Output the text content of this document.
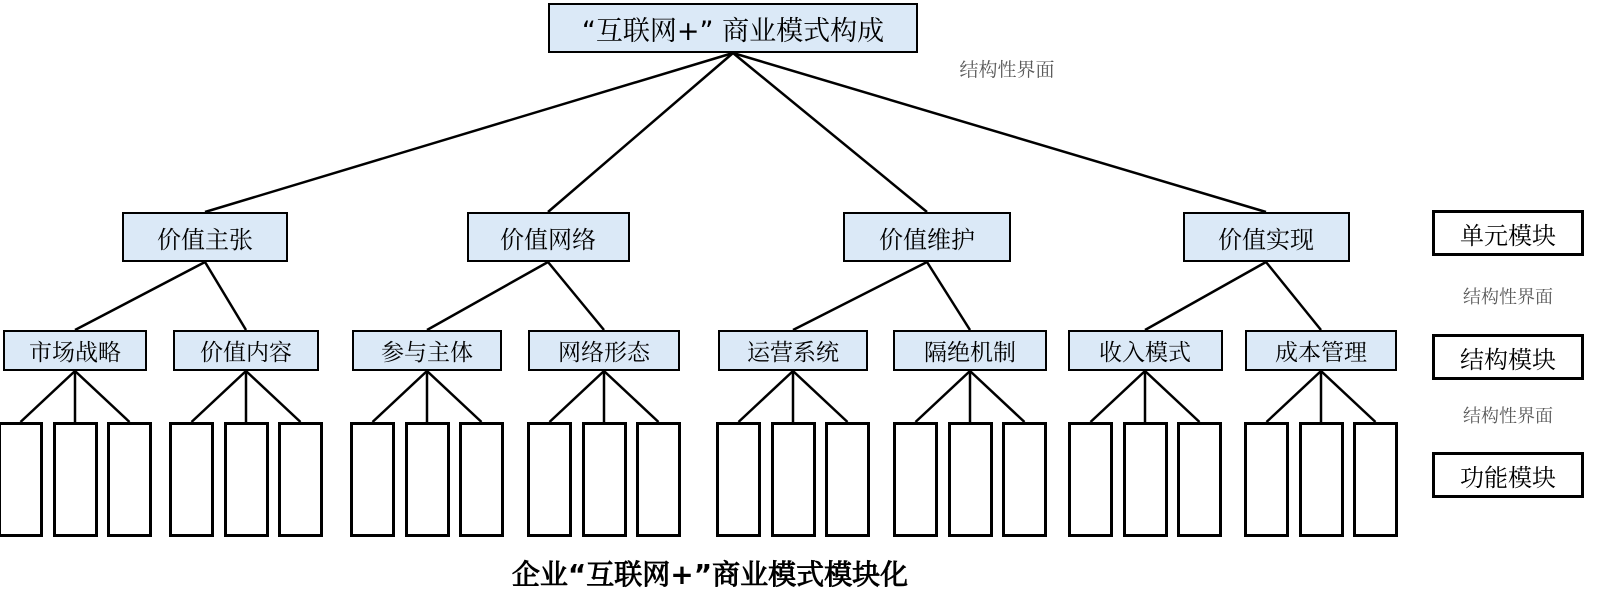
“互联网+” 商业模式构成
价值主张
市场战略	价值内容
价值网络
参与主体	网络形态
价值维护
运营系统	隔绝机制
价值实现
收入模式	成本管理
结构性界面
单元模块
结构性界面
结构模块
结构性界面
功能模块
企业“互联网+”商业模式模块化
